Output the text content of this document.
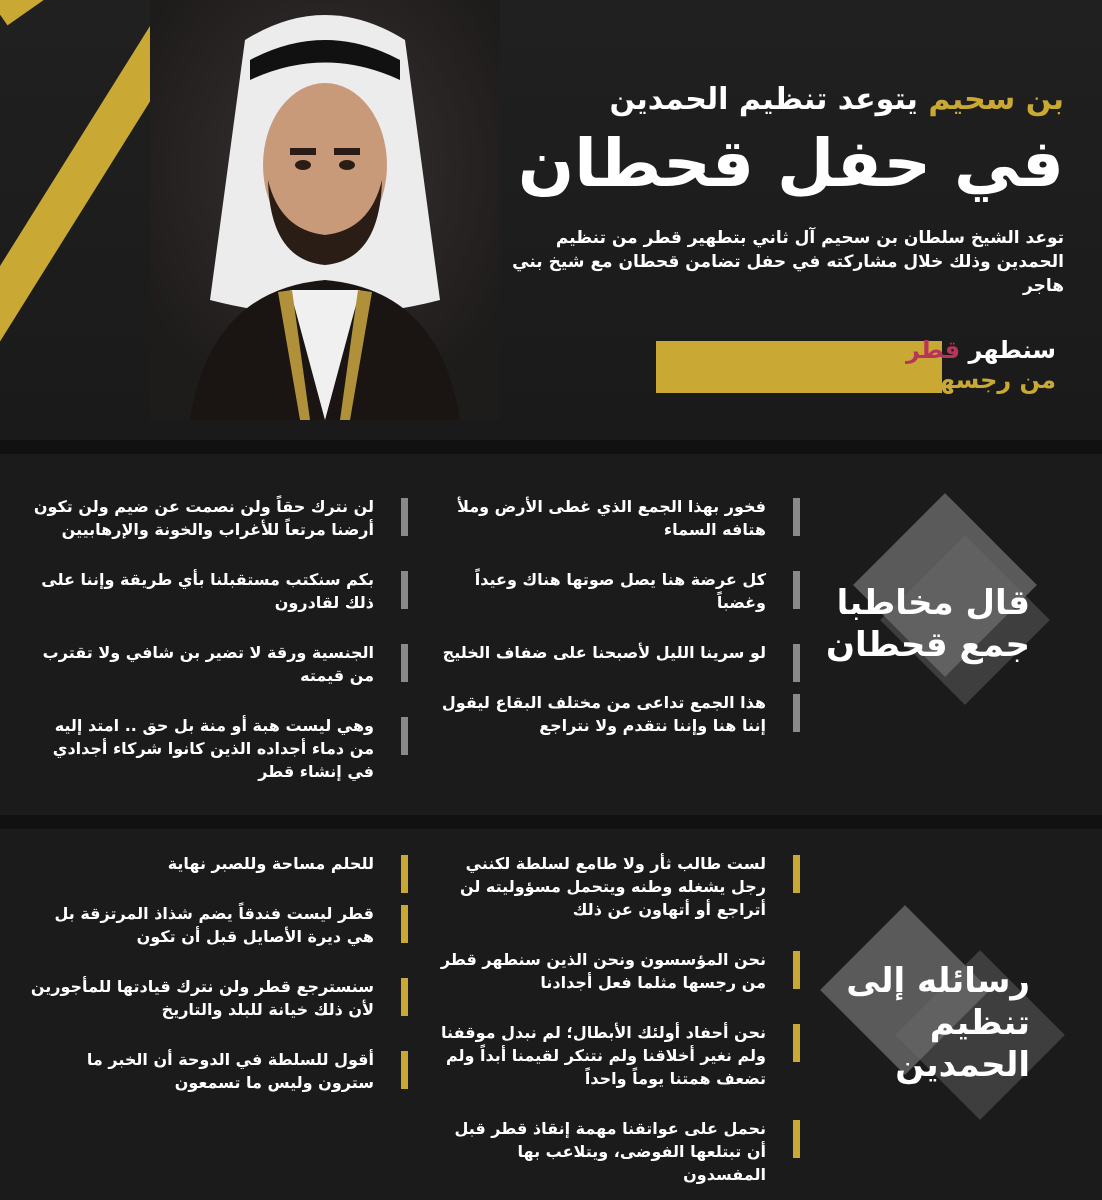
بن سحيم يتوعد تنظيم الحمدين
في حفل قحطان
توعد الشيخ سلطان بن سحيم آل ثاني بتطهير قطر من تنظيم الحمدين وذلك خلال مشاركته في حفل تضامن قحطان مع شيخ بني هاجر
سنطهر قطر
من رجسها
قال مخاطبا
جمع قحطان
فخور بهذا الجمع الذي غطى الأرض وملأ هتافه السماء
كل عرضة هنا يصل صوتها هناك وعيداً وغضباً
لو سرينا الليل لأصبحنا على ضفاف الخليج
هذا الجمع تداعى من مختلف البقاع ليقول إننا هنا وإننا نتقدم ولا نتراجع
لن نترك حقاً ولن نصمت عن ضيم ولن تكون أرضنا مرتعاً للأغراب والخونة والإرهابيين
بكم سنكتب مستقبلنا بأي طريقة وإننا على ذلك لقادرون
الجنسية ورقة لا تضير بن شافي ولا تقترب من قيمته
وهي ليست هبة أو منة بل حق .. امتد إليه من دماء أجداده الذين كانوا شركاء أجدادي في إنشاء قطر
رسائله إلى
تنظيم
الحمدين
لست طالب ثأر ولا طامع لسلطة لكنني رجل يشغله وطنه ويتحمل مسؤوليته لن أتراجع أو أتهاون عن ذلك
نحن المؤسسون ونحن الذين سنطهر قطر من رجسها مثلما فعل أجدادنا
نحن أحفاد أولئك الأبطال؛ لم نبدل موقفنا ولم نغير أخلاقنا ولم نتنكر لقيمنا أبداً ولم تضعف همتنا يوماً واحداً
نحمل على عواتقنا مهمة إنقاذ قطر قبل أن تبتلعها الفوضى، ويتلاعب بها المفسدون
للحلم مساحة وللصبر نهاية
قطر ليست فندقاً يضم شذاذ المرتزقة بل هي ديرة الأصايل قبل أن تكون
سنسترجع قطر ولن نترك قيادتها للمأجورين لأن ذلك خيانة للبلد والتاريخ
أقول للسلطة في الدوحة أن الخبر ما سترون وليس ما تسمعون
